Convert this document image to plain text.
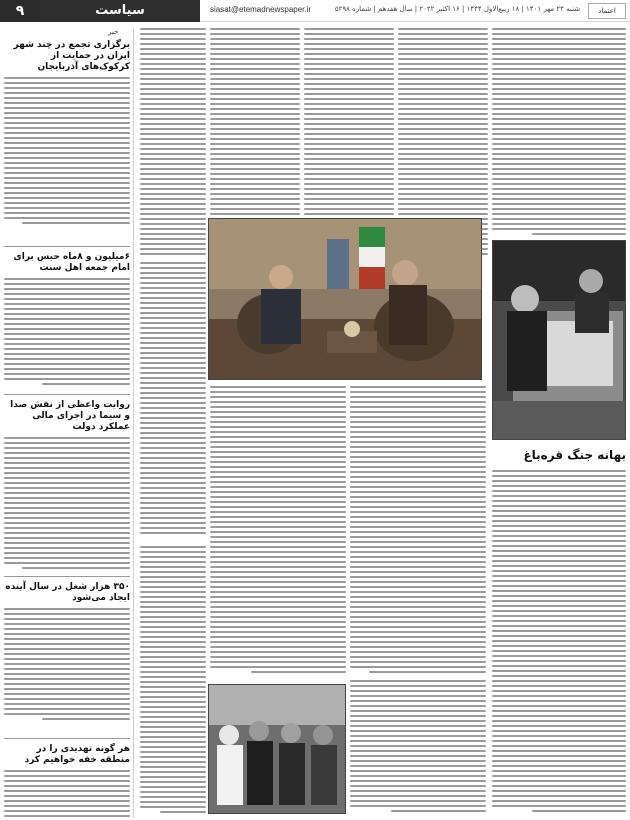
۹	سیاست	siasat@etemadnewspaper.ir	شنبه ۲۴ مهر ۱۴۰۱ | ۱۸ ربیع‌الاول ۱۴۴۴ | ۱۶ اکتبر ۲۰۲۲ | سال هفدهم | شماره ۵۲۹۸	اعتماد
خبر
برگزاری تجمع در چند شهر ایران در حمایت از کرکوک‌های آذربایجان
۶میلیون و ۸ماه حبس برای امام جمعه اهل سنت
روایت واعظی از نقش صدا و سیما در اجرای مالی عملکرد دولت
۳۵۰ هزار شغل در سال آینده ایجاد می‌شود
هر گونه تهدیدی را در منطقه خفه خواهیم کرد
بهانه جنگ قره‌باغ
